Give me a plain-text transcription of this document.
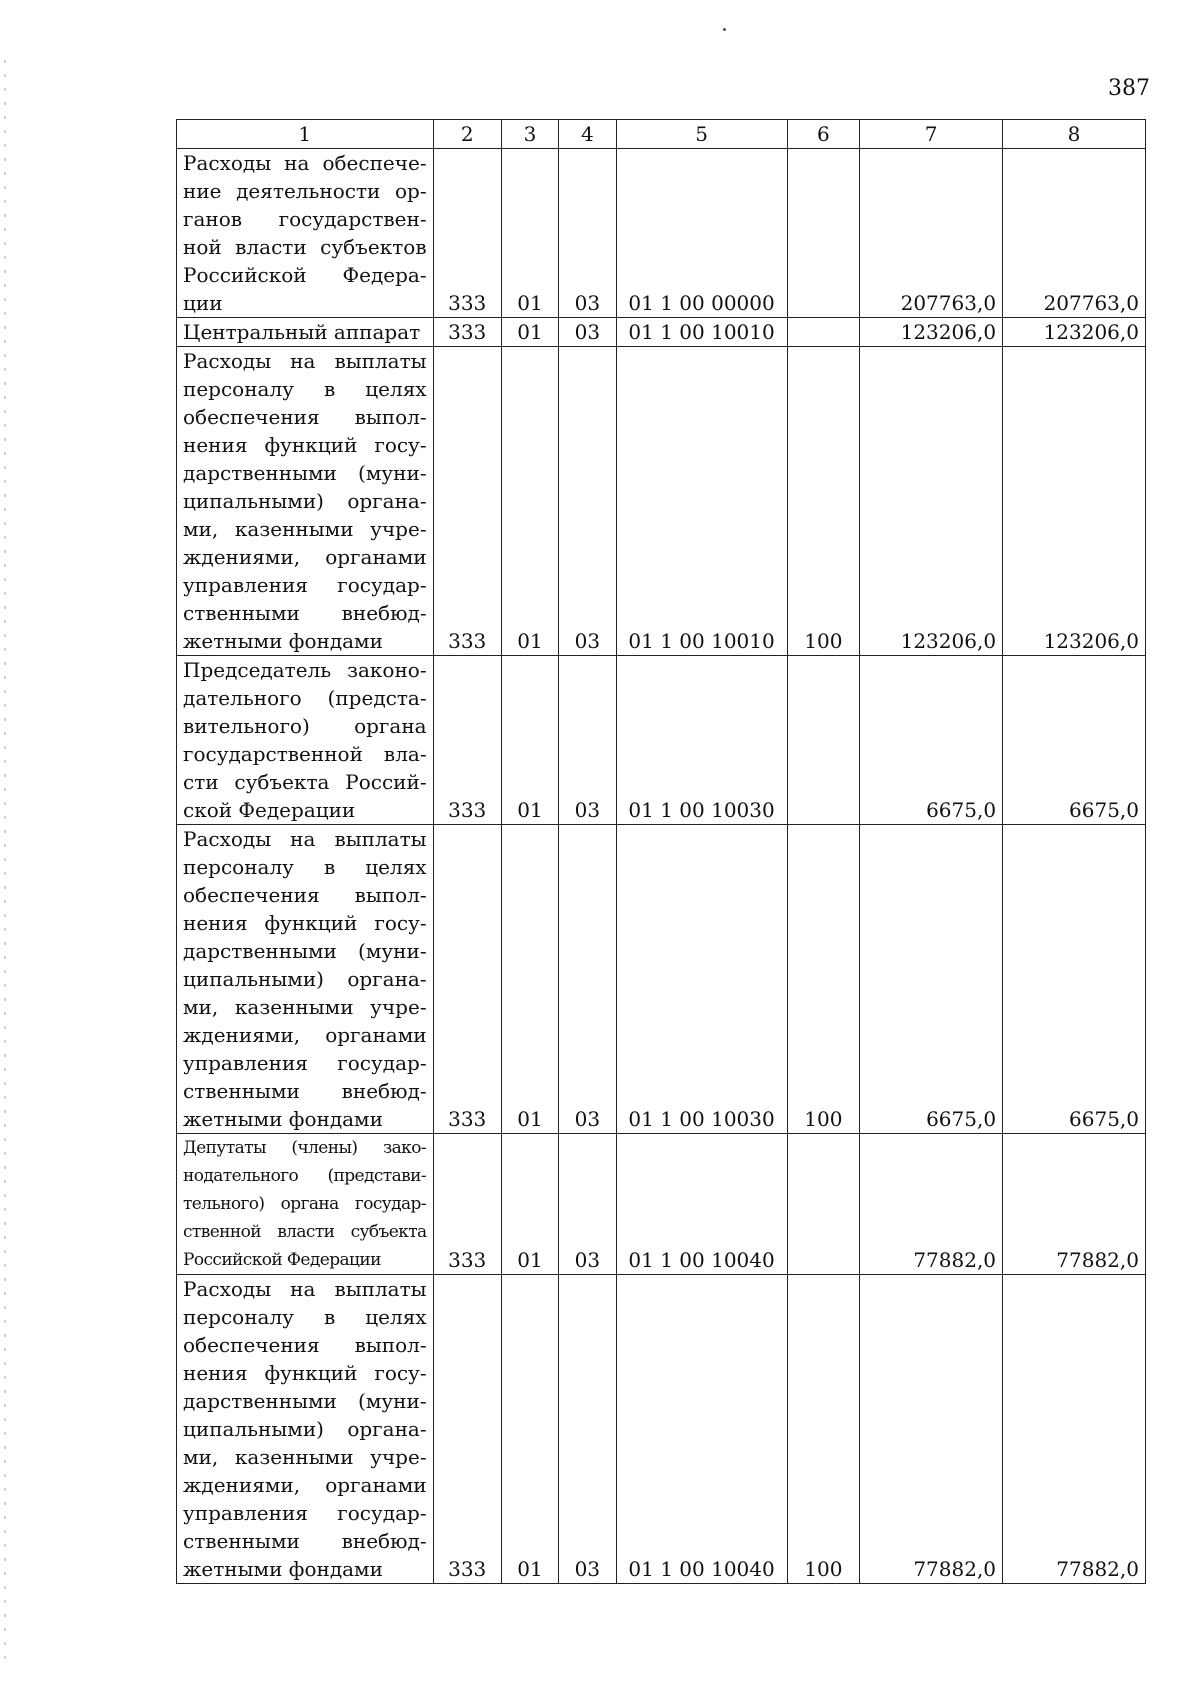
387
1	2	3	4	5	6	7	8
Расходы на обеспечение деятельности органов государственной власти субъектов Российской Федерации	333	01	03	01 1 00 00000		207763,0	207763,0
Центральный аппарат	333	01	03	01 1 00 10010		123206,0	123206,0
Расходы на выплаты персоналу в целях обеспечения выполнения функций государственными (муниципальными) органами, казенными учреждениями, органами управления государственными внебюджетными фондами	333	01	03	01 1 00 10010	100	123206,0	123206,0
Председатель законодательного (представительного) органа государственной власти субъекта Российской Федерации	333	01	03	01 1 00 10030		6675,0	6675,0
Расходы на выплаты персоналу в целях обеспечения выполнения функций государственными (муниципальными) органами, казенными учреждениями, органами управления государственными внебюджетными фондами	333	01	03	01 1 00 10030	100	6675,0	6675,0
Депутаты (члены) законодательного (представительного) органа государственной власти субъекта Российской Федерации	333	01	03	01 1 00 10040		77882,0	77882,0
Расходы на выплаты персоналу в целях обеспечения выполнения функций государственными (муниципальными) органами, казенными учреждениями, органами управления государственными внебюджетными фондами	333	01	03	01 1 00 10040	100	77882,0	77882,0
